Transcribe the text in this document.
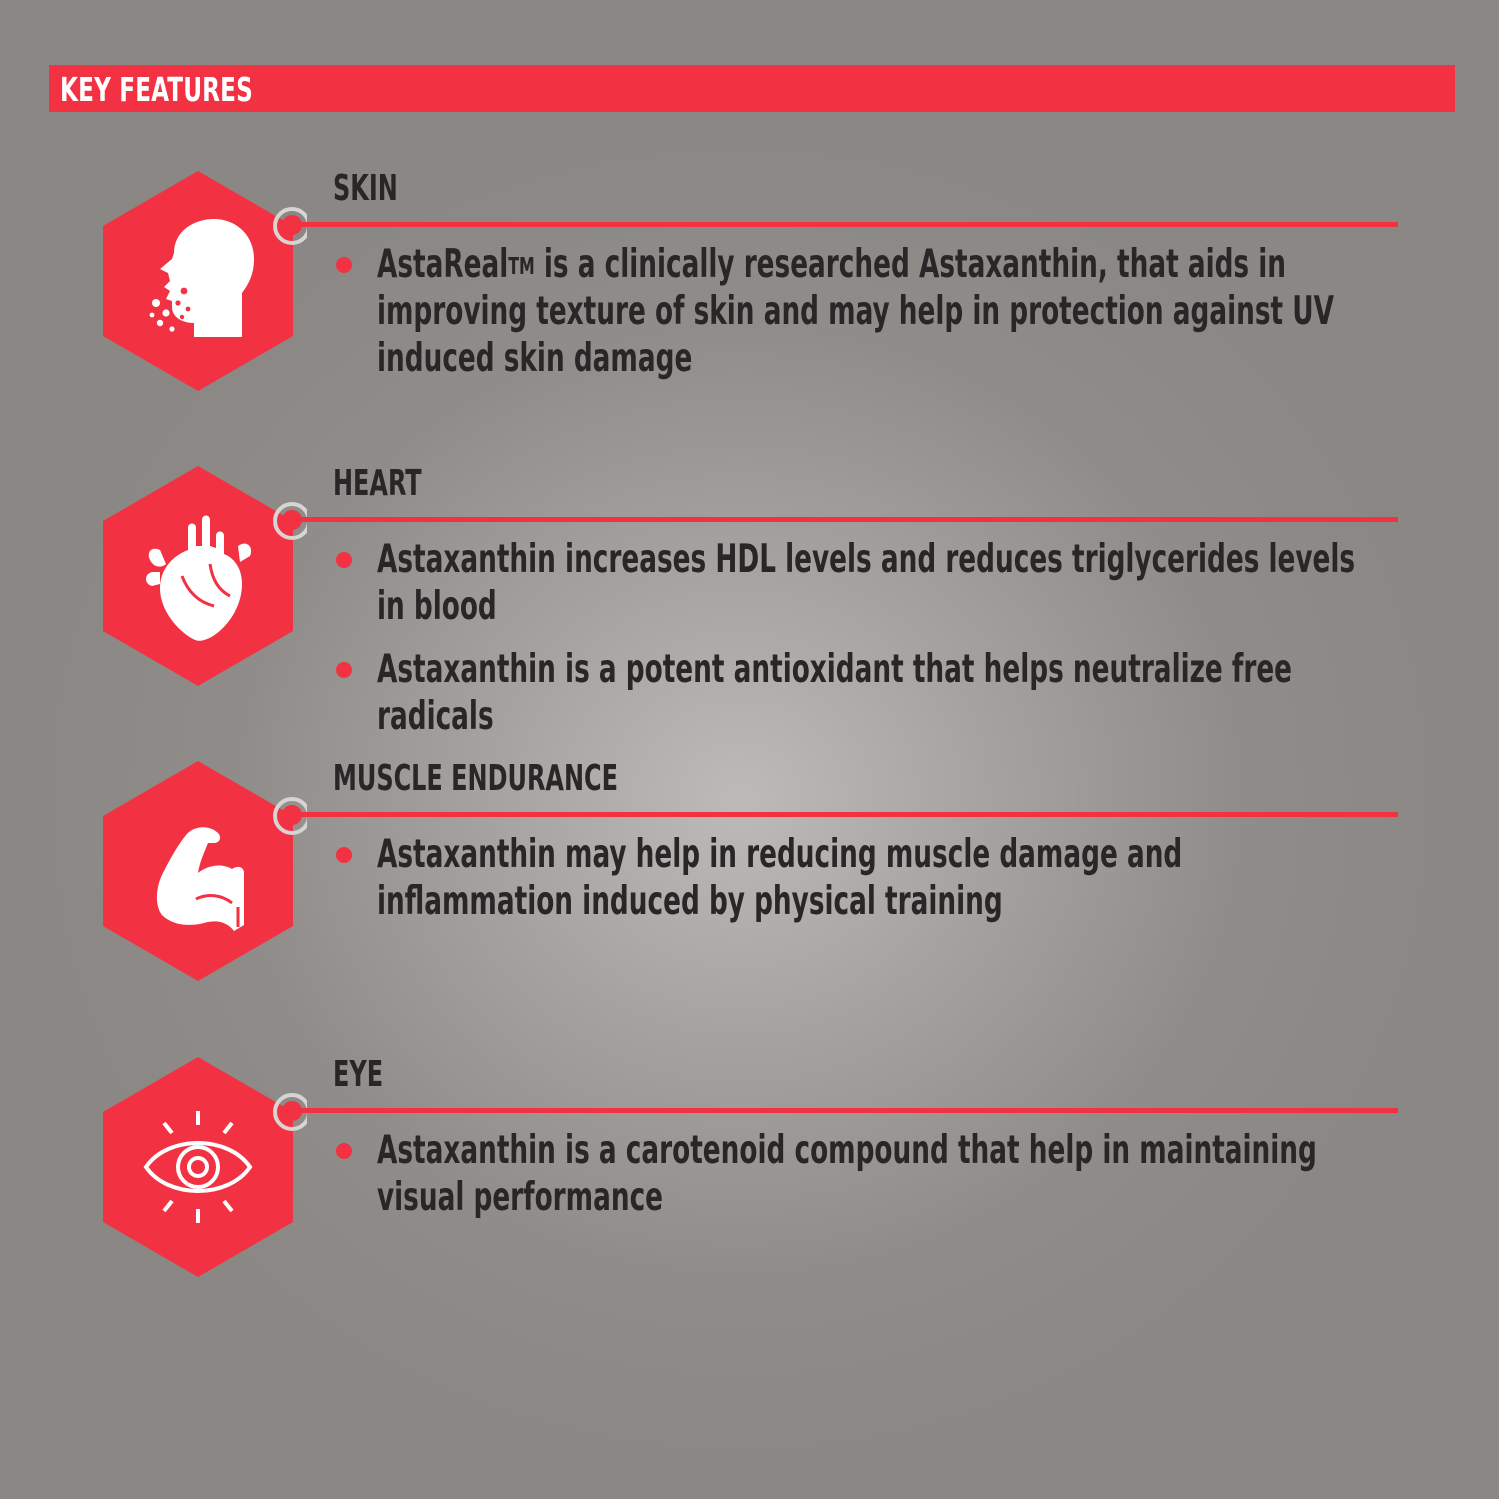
KEY FEATURES
SKIN
AstaReal™ is a clinically researched Astaxanthin, that aids in improving texture of skin and may help in protection against UV induced skin damage
HEART
Astaxanthin increases HDL levels and reduces triglycerides levels in blood
Astaxanthin is a potent antioxidant that helps neutralize free radicals
MUSCLE ENDURANCE
Astaxanthin may help in reducing muscle damage and inflammation induced by physical training
EYE
Astaxanthin is a carotenoid compound that help in maintaining visual performance
